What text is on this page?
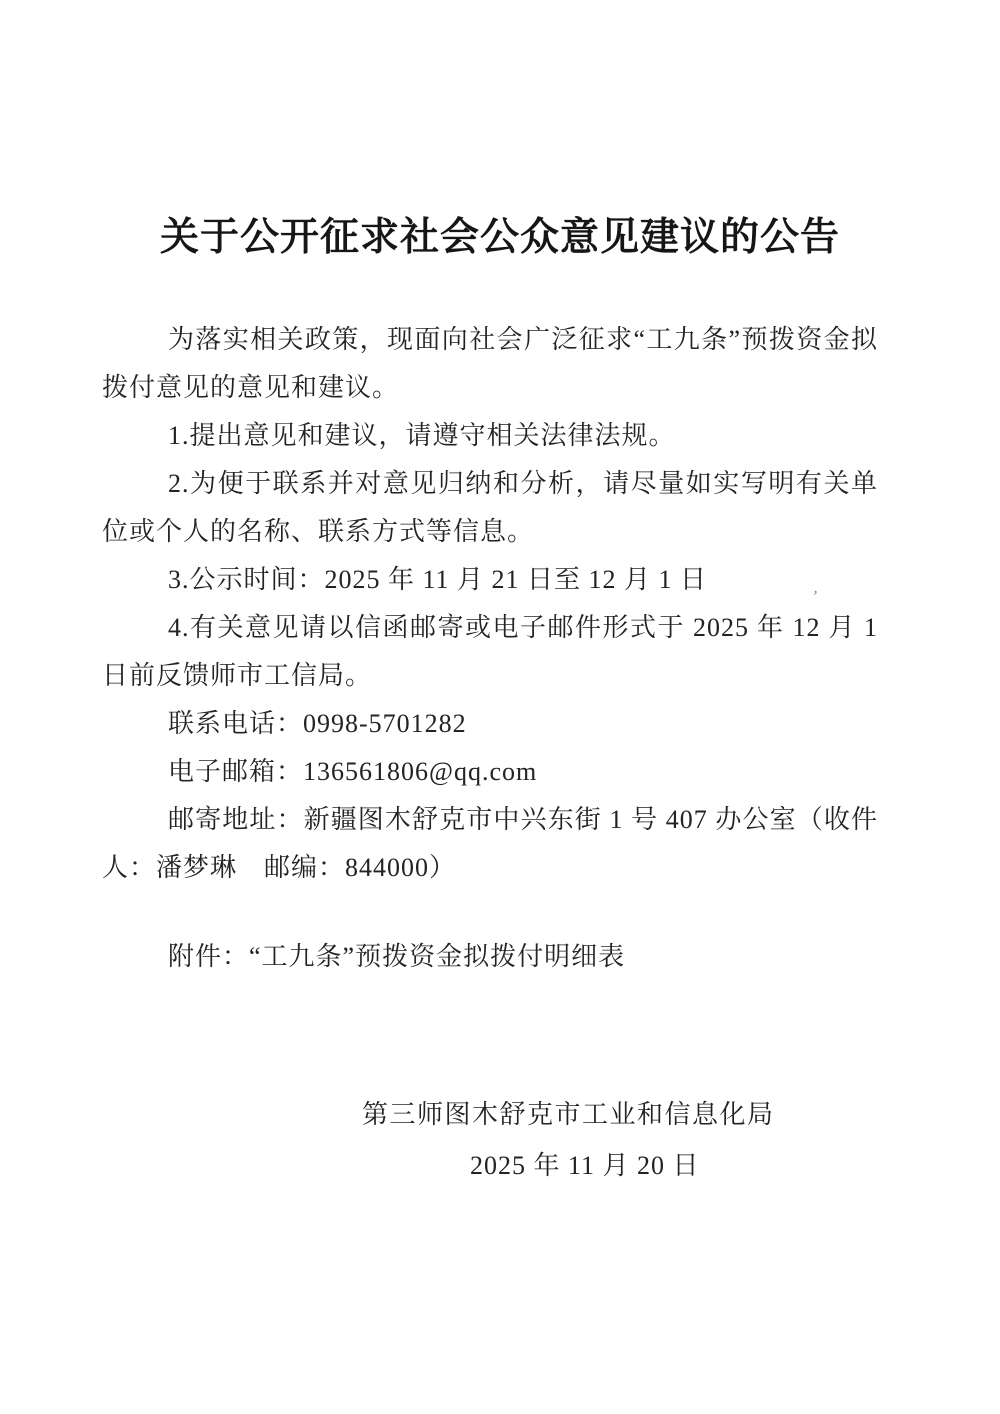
关于公开征求社会公众意见建议的公告

为落实相关政策，现面向社会广泛征求“工九条”预拨资金拟拨付意见的意见和建议。

1.提出意见和建议，请遵守相关法律法规。

2.为便于联系并对意见归纳和分析，请尽量如实写明有关单位或个人的名称、联系方式等信息。

3.公示时间：2025 年 11 月 21 日至 12 月 1 日

4.有关意见请以信函邮寄或电子邮件形式于 2025 年 12 月 1 日前反馈师市工信局。

联系电话：0998-5701282

电子邮箱：136561806@qq.com

邮寄地址：新疆图木舒克市中兴东街 1 号 407 办公室（收件人：潘梦琳　邮编：844000）

附件：“工九条”预拨资金拟拨付明细表

第三师图木舒克市工业和信息化局
2025 年 11 月 20 日
’
